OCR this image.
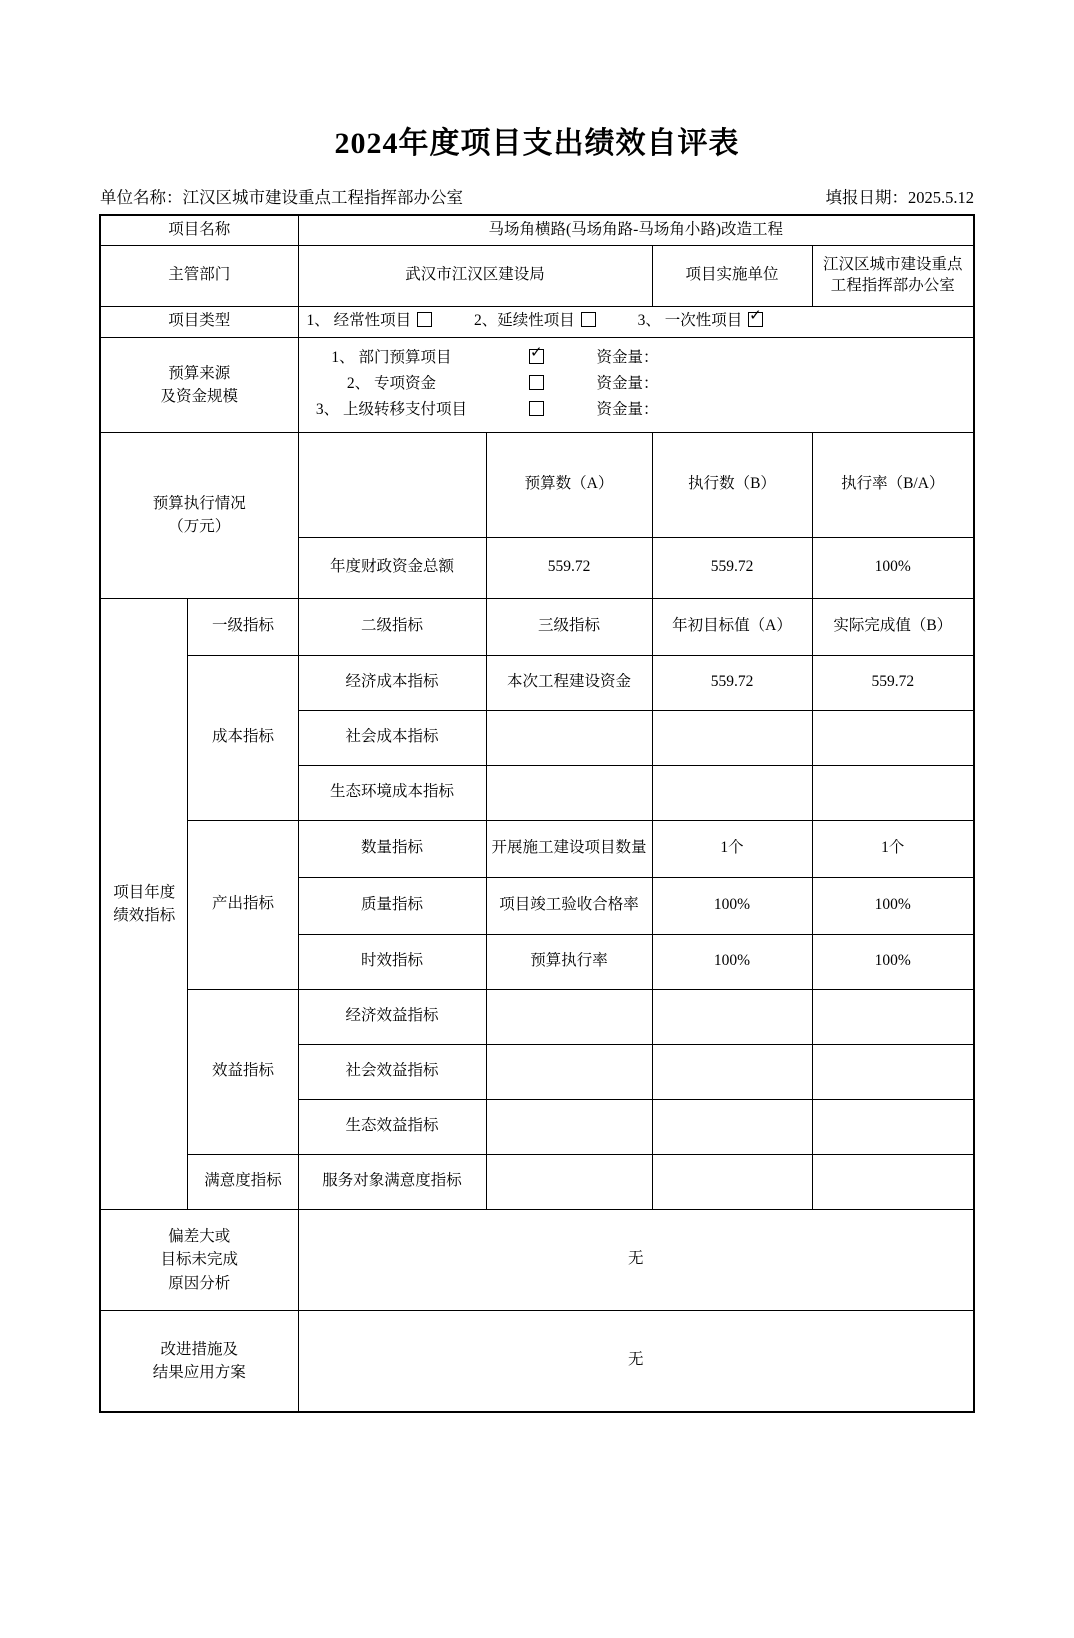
2024年度项目支出绩效自评表
单位名称：江汉区城市建设重点工程指挥部办公室	填报日期：2025.5.12
项目名称		马场角横路(马场角路-马场角小路)改造工程			
主管部门		武汉市江汉区建设局		项目实施单位	江汉区城市建设重点工程指挥部办公室
项目类型		1、 经常性项目 2、延续性项目 3、 一次性项目 ✓

预算来源
及资金规模

1、 部门预算项目 ✓	资金量：
2、 专项资金	资金量：
3、 上级转移支付项目	资金量：

预算执行情况
（万元）			预算数（A）	执行数（B）	执行率（B/A）
		年度财政资金总额	559.72	559.72	100%

项目年度
绩效指标	一级指标	二级指标	三级指标	年初目标值（A）	实际完成值（B）
	成本指标	经济成本指标	本次工程建设资金	559.72	559.72
		社会成本指标			
		生态环境成本指标			
	产出指标	数量指标	开展施工建设项目数量	1个	1个
		质量指标	项目竣工验收合格率	100%	100%
		时效指标	预算执行率	100%	100%
	效益指标	经济效益指标			
		社会效益指标			
		生态效益指标			
	满意度指标	服务对象满意度指标			

偏差大或
目标未完成
原因分析		无			

改进措施及
结果应用方案		无			
